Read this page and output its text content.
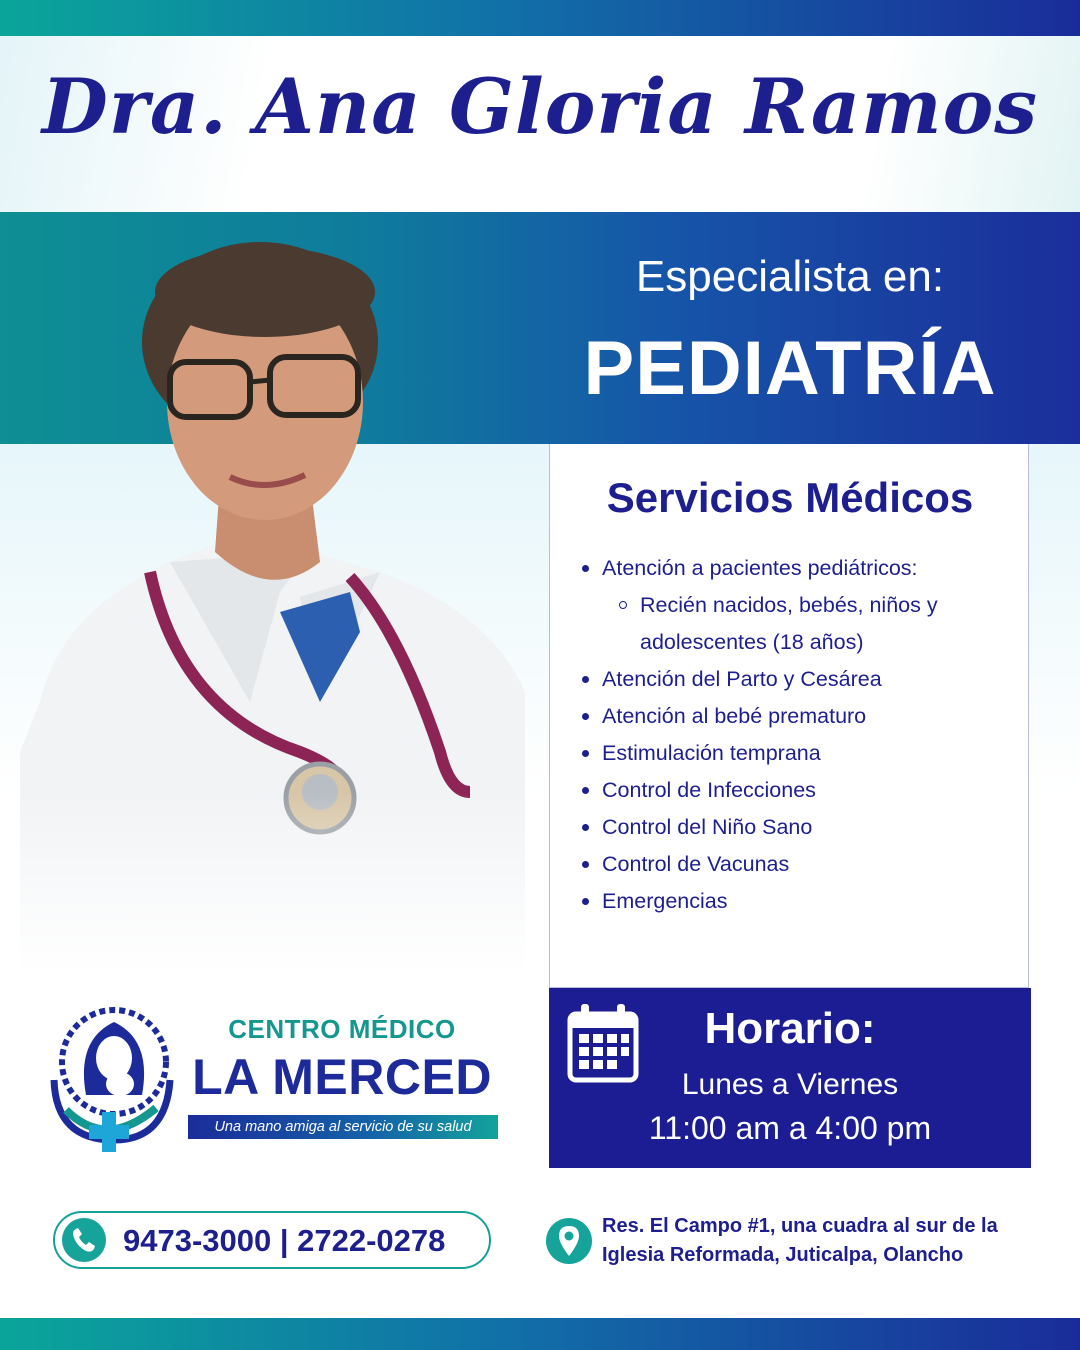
Dra. Ana Gloria Ramos
Especialista en:
PEDIATRÍA
Servicios Médicos
Atención a pacientes pediátricos:
Recién nacidos, bebés, niños y adolescentes (18 años)
Atención del Parto y Cesárea
Atención al bebé prematuro
Estimulación temprana
Control de Infecciones
Control del Niño Sano
Control de Vacunas
Emergencias
Horario:
Lunes a Viernes
11:00 am a 4:00 pm
CENTRO MÉDICO
LA MERCED
Una mano amiga al servicio de su salud
9473-3000 | 2722-0278	Res. El Campo #1, una cuadra al sur de la Iglesia Reformada, Juticalpa, Olancho
